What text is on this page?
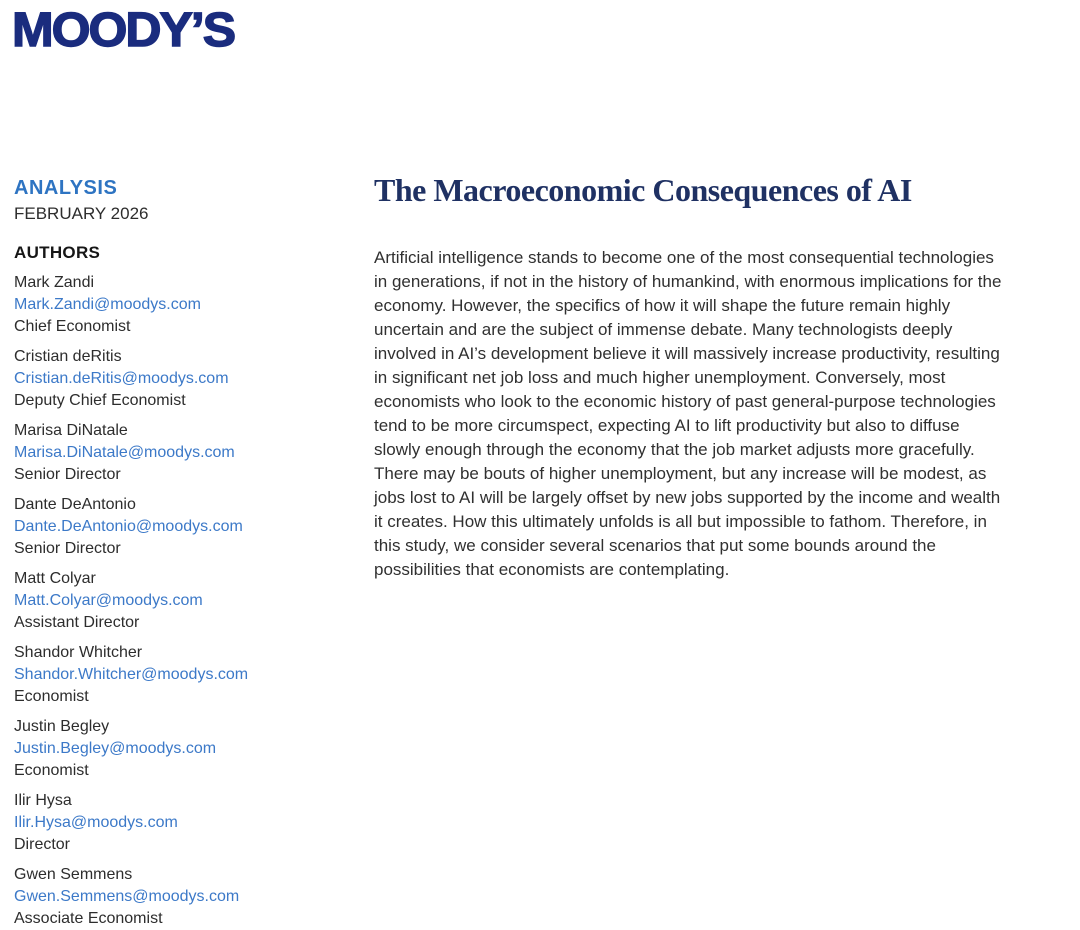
MOODY’S
ANALYSIS
FEBRUARY 2026
AUTHORS
Mark Zandi
Mark.Zandi@moodys.com
Chief Economist
Cristian deRitis
Cristian.deRitis@moodys.com
Deputy Chief Economist
Marisa DiNatale
Marisa.DiNatale@moodys.com
Senior Director
Dante DeAntonio
Dante.DeAntonio@moodys.com
Senior Director
Matt Colyar
Matt.Colyar@moodys.com
Assistant Director
Shandor Whitcher
Shandor.Whitcher@moodys.com
Economist
Justin Begley
Justin.Begley@moodys.com
Economist
Ilir Hysa
Ilir.Hysa@moodys.com
Director
Gwen Semmens
Gwen.Semmens@moodys.com
Associate Economist
The Macroeconomic Consequences of AI

Artificial intelligence stands to become one of the most consequential technologies in generations, if not in the history of humankind, with enormous implications for the economy. However, the specifics of how it will shape the future remain highly uncertain and are the subject of immense debate. Many technologists deeply involved in AI’s development believe it will massively increase productivity, resulting in significant net job loss and much higher unemployment. Conversely, most economists who look to the economic history of past general-purpose technologies tend to be more circumspect, expecting AI to lift productivity but also to diffuse slowly enough through the economy that the job market adjusts more gracefully. There may be bouts of higher unemployment, but any increase will be modest, as jobs lost to AI will be largely offset by new jobs supported by the income and wealth it creates. How this ultimately unfolds is all but impossible to fathom. Therefore, in this study, we consider several scenarios that put some bounds around the possibilities that economists are contemplating.
